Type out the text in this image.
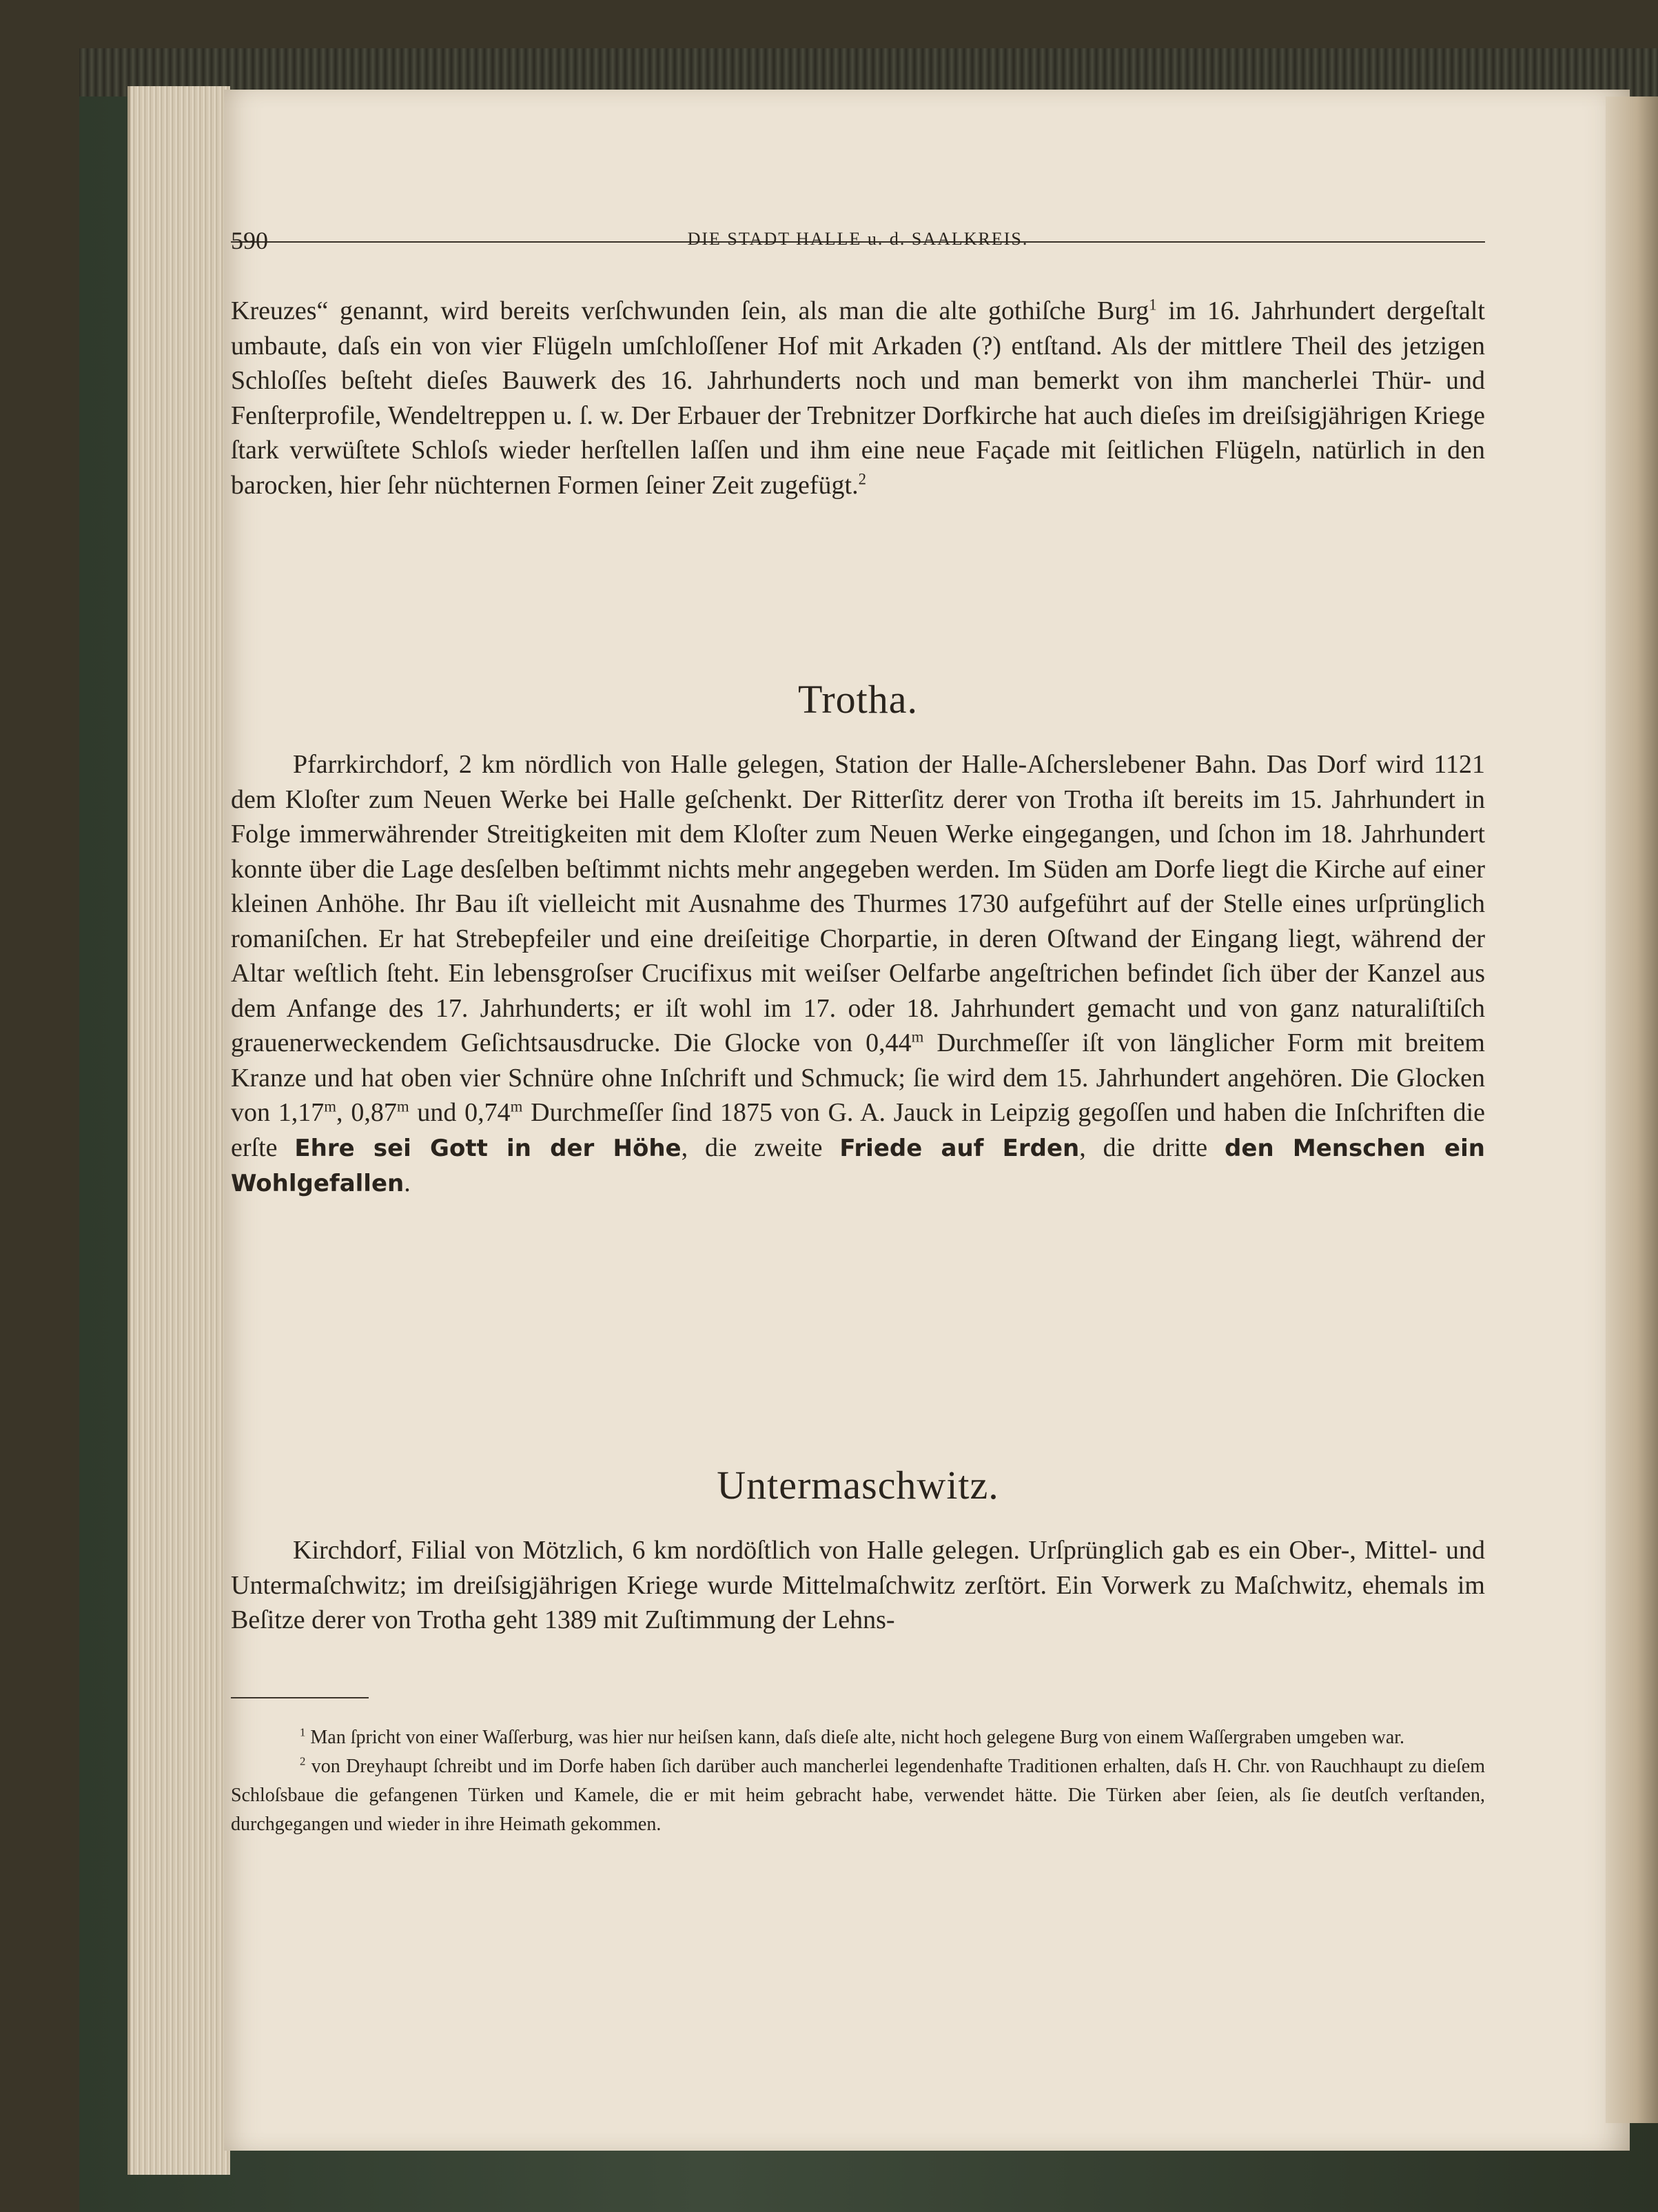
590	DIE STADT HALLE u. d. SAALKREIS.

Kreuzes“ genannt, wird bereits verſchwunden ſein, als man die alte gothiſche Burg$^1$ im 16. Jahrhundert dergeſtalt umbaute, daſs ein von vier Flügeln umſchloſſener Hof mit Arkaden (?) entſtand. Als der mittlere Theil des jetzigen Schloſſes beſteht dieſes Bauwerk des 16. Jahrhunderts noch und man bemerkt von ihm mancherlei Thür- und Fenſterprofile, Wendeltreppen u. ſ. w. Der Erbauer der Trebnitzer Dorfkirche hat auch dieſes im dreiſsigjährigen Kriege ſtark verwüſtete Schloſs wieder herſtellen laſſen und ihm eine neue Façade mit ſeitlichen Flügeln, natürlich in den barocken, hier ſehr nüchternen Formen ſeiner Zeit zugefügt.$^2$

Trotha.

Pfarrkirchdorf, 2 km nördlich von Halle gelegen, Station der Halle-Aſcherslebener Bahn. Das Dorf wird 1121 dem Kloſter zum Neuen Werke bei Halle geſchenkt. Der Ritterſitz derer von Trotha iſt bereits im 15. Jahrhundert in Folge immerwährender Streitigkeiten mit dem Kloſter zum Neuen Werke eingegangen, und ſchon im 18. Jahrhundert konnte über die Lage desſelben beſtimmt nichts mehr angegeben werden. Im Süden am Dorfe liegt die Kirche auf einer kleinen Anhöhe. Ihr Bau iſt vielleicht mit Ausnahme des Thurmes 1730 aufgeführt auf der Stelle eines urſprünglich romaniſchen. Er hat Strebepfeiler und eine dreiſeitige Chorpartie, in deren Oſtwand der Eingang liegt, während der Altar weſtlich ſteht. Ein lebensgroſser Crucifixus mit weiſser Oelfarbe angeſtrichen befindet ſich über der Kanzel aus dem Anfange des 17. Jahrhunderts; er iſt wohl im 17. oder 18. Jahrhundert gemacht und von ganz naturaliſtiſch grauenerweckendem Geſichtsausdrucke. Die Glocke von 0,44$^m$ Durchmeſſer iſt von länglicher Form mit breitem Kranze und hat oben vier Schnüre ohne Inſchrift und Schmuck; ſie wird dem 15. Jahrhundert angehören. Die Glocken von 1,17$^m$, 0,87$^m$ und 0,74$^m$ Durchmeſſer ſind 1875 von G. A. Jauck in Leipzig gegoſſen und haben die Inſchriften die erſte Ehre sei Gott in der Höhe, die zweite Friede auf Erden, die dritte den Menschen ein Wohlgefallen.

Untermaschwitz.

Kirchdorf, Filial von Mötzlich, 6 km nordöſtlich von Halle gelegen. Urſprünglich gab es ein Ober-, Mittel- und Untermaſchwitz; im dreiſsigjährigen Kriege wurde Mittelmaſchwitz zerſtört. Ein Vorwerk zu Maſchwitz, ehemals im Beſitze derer von Trotha geht 1389 mit Zuſtimmung der Lehns-

$^1$ Man ſpricht von einer Waſſerburg, was hier nur heiſsen kann, daſs dieſe alte, nicht hoch gelegene Burg von einem Waſſergraben umgeben war.

$^2$ von Dreyhaupt ſchreibt und im Dorfe haben ſich darüber auch mancherlei legendenhafte Traditionen erhalten, daſs H. Chr. von Rauchhaupt zu dieſem Schloſsbaue die gefangenen Türken und Kamele, die er mit heim gebracht habe, verwendet hätte. Die Türken aber ſeien, als ſie deutſch verſtanden, durchgegangen und wieder in ihre Heimath gekommen.
